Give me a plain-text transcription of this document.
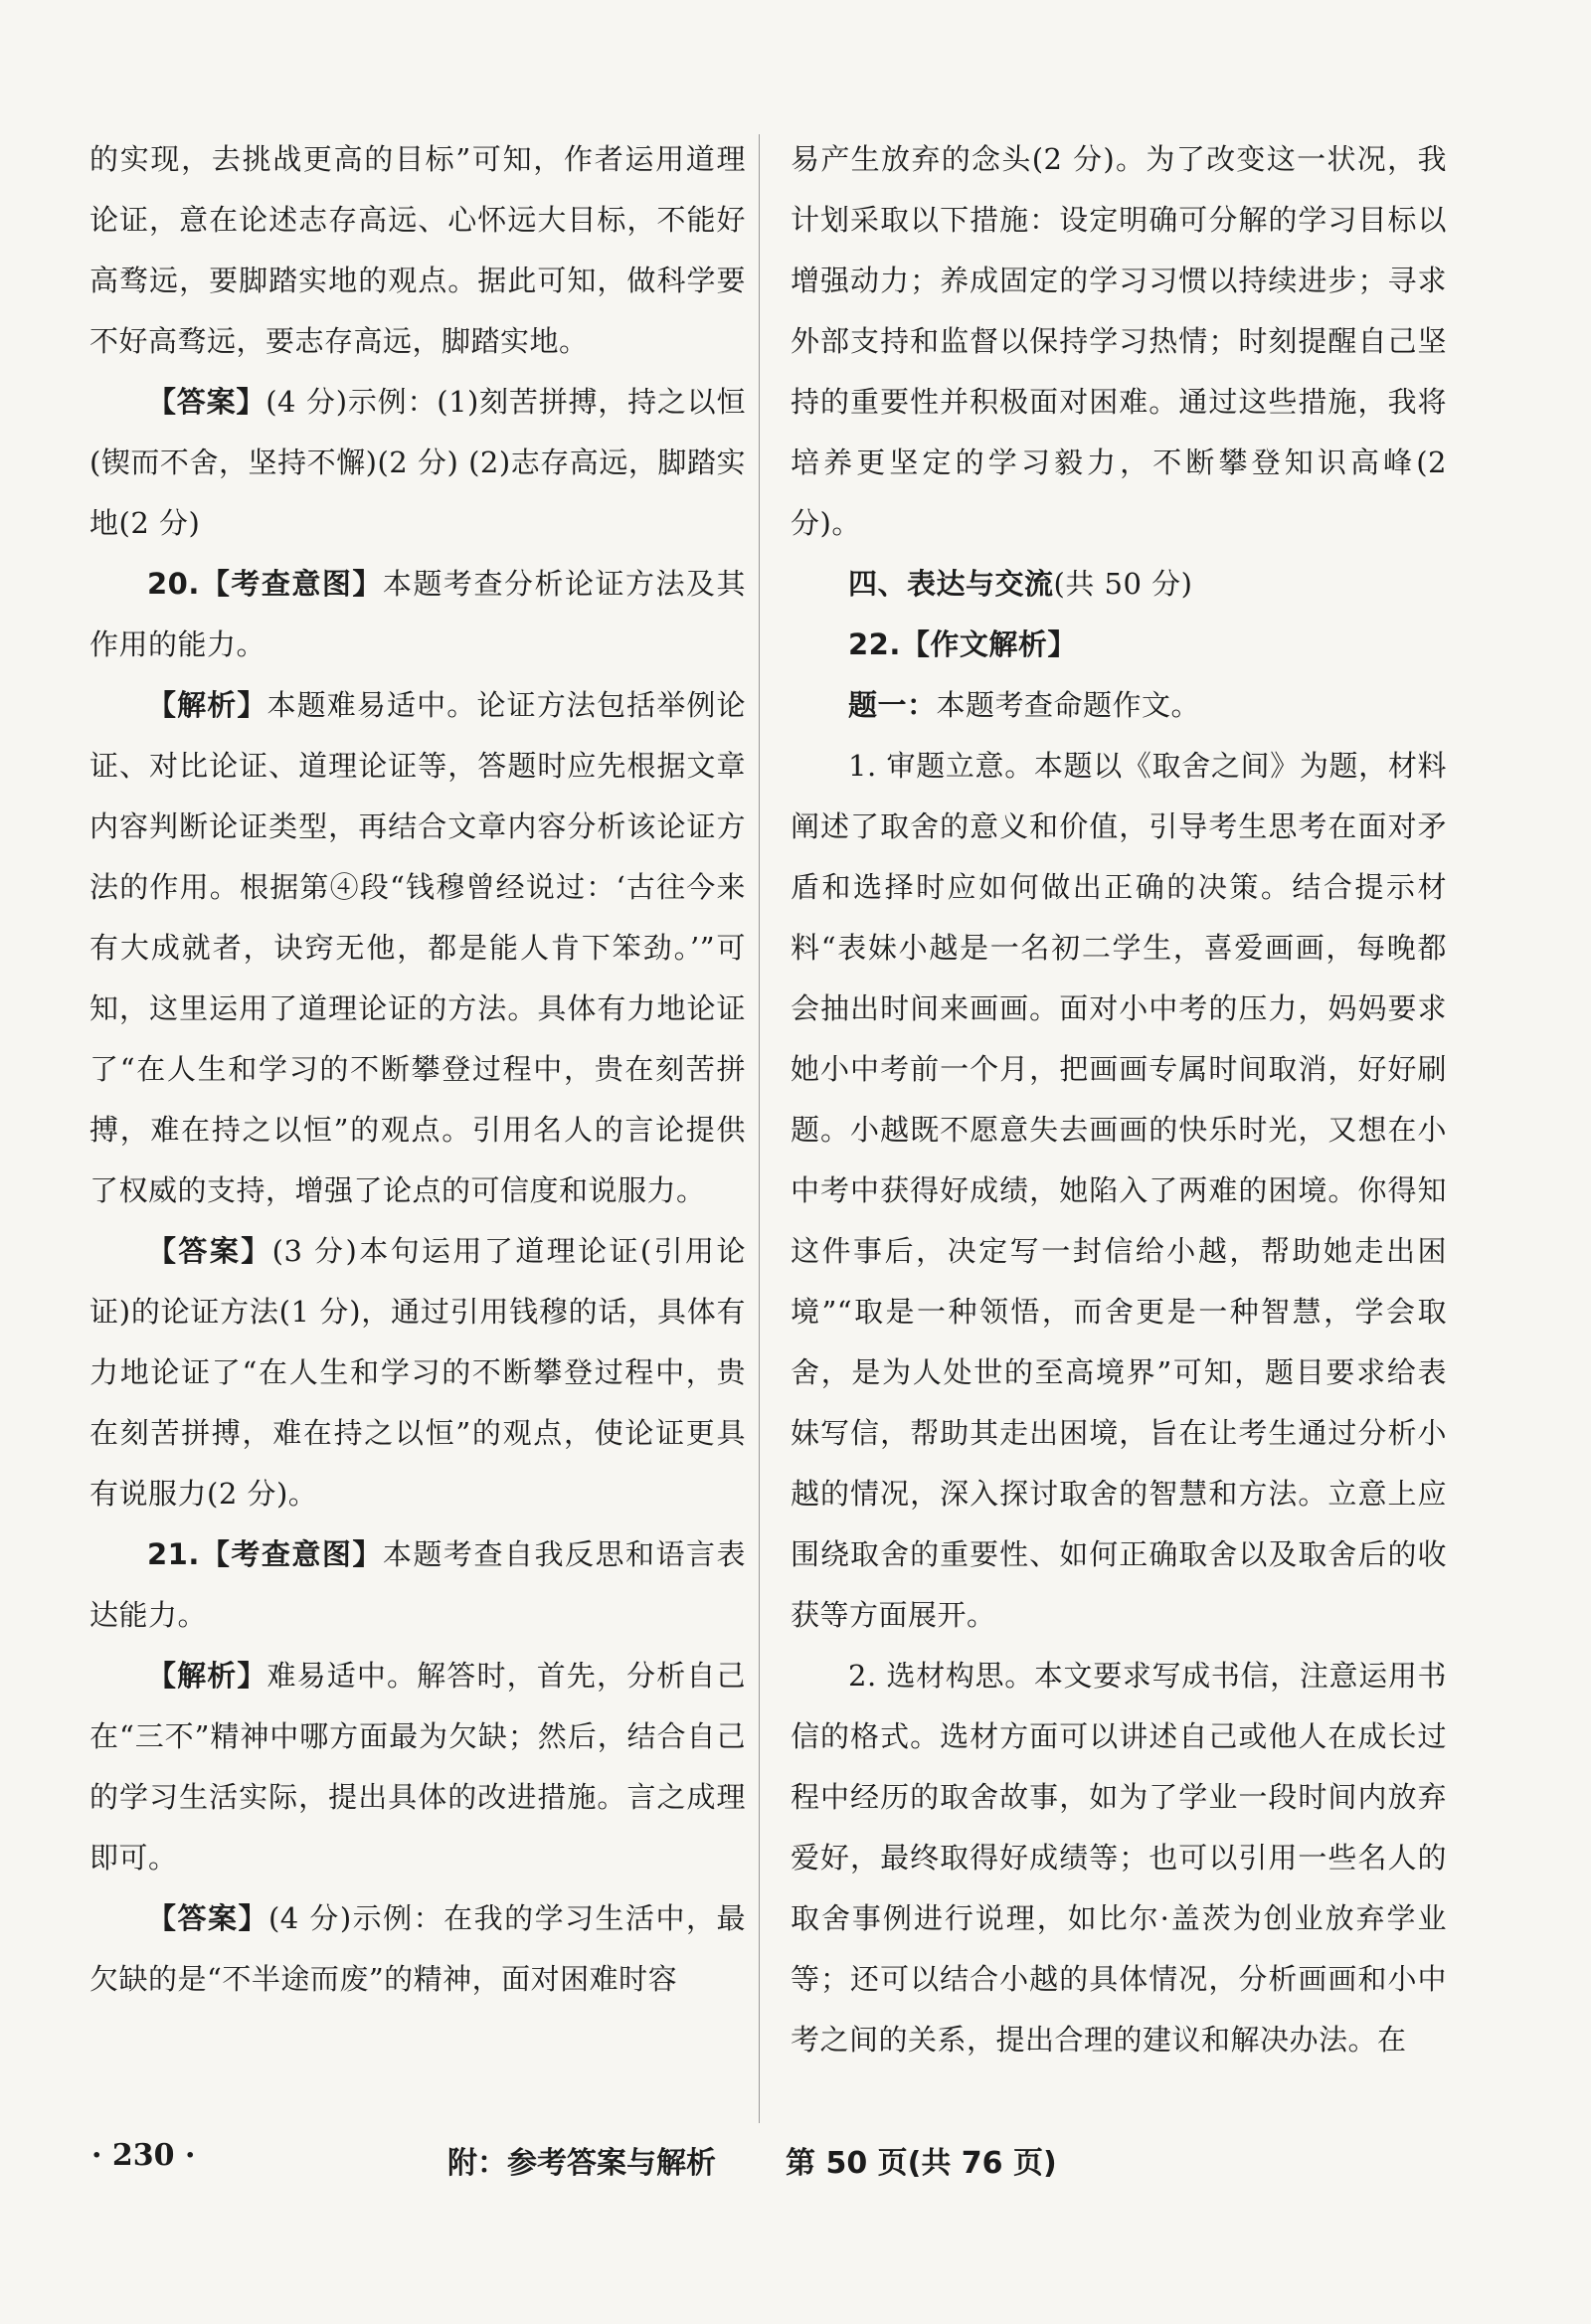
的实现，去挑战更高的目标”可知，作者运用道理论证，意在论述志存高远、心怀远大目标，不能好高骛远，要脚踏实地的观点。据此可知，做科学要不好高骛远，要志存高远，脚踏实地。

【答案】(4 分)示例：(1)刻苦拼搏，持之以恒(锲而不舍，坚持不懈)(2 分) (2)志存高远，脚踏实地(2 分)

20.【考查意图】本题考查分析论证方法及其作用的能力。

【解析】本题难易适中。论证方法包括举例论证、对比论证、道理论证等，答题时应先根据文章内容判断论证类型，再结合文章内容分析该论证方法的作用。根据第④段“钱穆曾经说过：‘古往今来有大成就者，诀窍无他，都是能人肯下笨劲。’”可知，这里运用了道理论证的方法。具体有力地论证了“在人生和学习的不断攀登过程中，贵在刻苦拼搏，难在持之以恒”的观点。引用名人的言论提供了权威的支持，增强了论点的可信度和说服力。

【答案】(3 分)本句运用了道理论证(引用论证)的论证方法(1 分)，通过引用钱穆的话，具体有力地论证了“在人生和学习的不断攀登过程中，贵在刻苦拼搏，难在持之以恒”的观点，使论证更具有说服力(2 分)。

21.【考查意图】本题考查自我反思和语言表达能力。

【解析】难易适中。解答时，首先，分析自己在“三不”精神中哪方面最为欠缺；然后，结合自己的学习生活实际，提出具体的改进措施。言之成理即可。

【答案】(4 分)示例：在我的学习生活中，最欠缺的是“不半途而废”的精神，面对困难时容

易产生放弃的念头(2 分)。为了改变这一状况，我计划采取以下措施：设定明确可分解的学习目标以增强动力；养成固定的学习习惯以持续进步；寻求外部支持和监督以保持学习热情；时刻提醒自己坚持的重要性并积极面对困难。通过这些措施，我将培养更坚定的学习毅力，不断攀登知识高峰(2 分)。

四、表达与交流(共 50 分)

22.【作文解析】

题一：本题考查命题作文。

1. 审题立意。本题以《取舍之间》为题，材料阐述了取舍的意义和价值，引导考生思考在面对矛盾和选择时应如何做出正确的决策。结合提示材料“表妹小越是一名初二学生，喜爱画画，每晚都会抽出时间来画画。面对小中考的压力，妈妈要求她小中考前一个月，把画画专属时间取消，好好刷题。小越既不愿意失去画画的快乐时光，又想在小中考中获得好成绩，她陷入了两难的困境。你得知这件事后，决定写一封信给小越，帮助她走出困境”“取是一种领悟，而舍更是一种智慧，学会取舍，是为人处世的至高境界”可知，题目要求给表妹写信，帮助其走出困境，旨在让考生通过分析小越的情况，深入探讨取舍的智慧和方法。立意上应围绕取舍的重要性、如何正确取舍以及取舍后的收获等方面展开。

2. 选材构思。本文要求写成书信，注意运用书信的格式。选材方面可以讲述自己或他人在成长过程中经历的取舍故事，如为了学业一段时间内放弃爱好，最终取得好成绩等；也可以引用一些名人的取舍事例进行说理，如比尔·盖茨为创业放弃学业等；还可以结合小越的具体情况，分析画画和小中考之间的关系，提出合理的建议和解决办法。在

· 230 ·	附：参考答案与解析 第 50 页(共 76 页)
